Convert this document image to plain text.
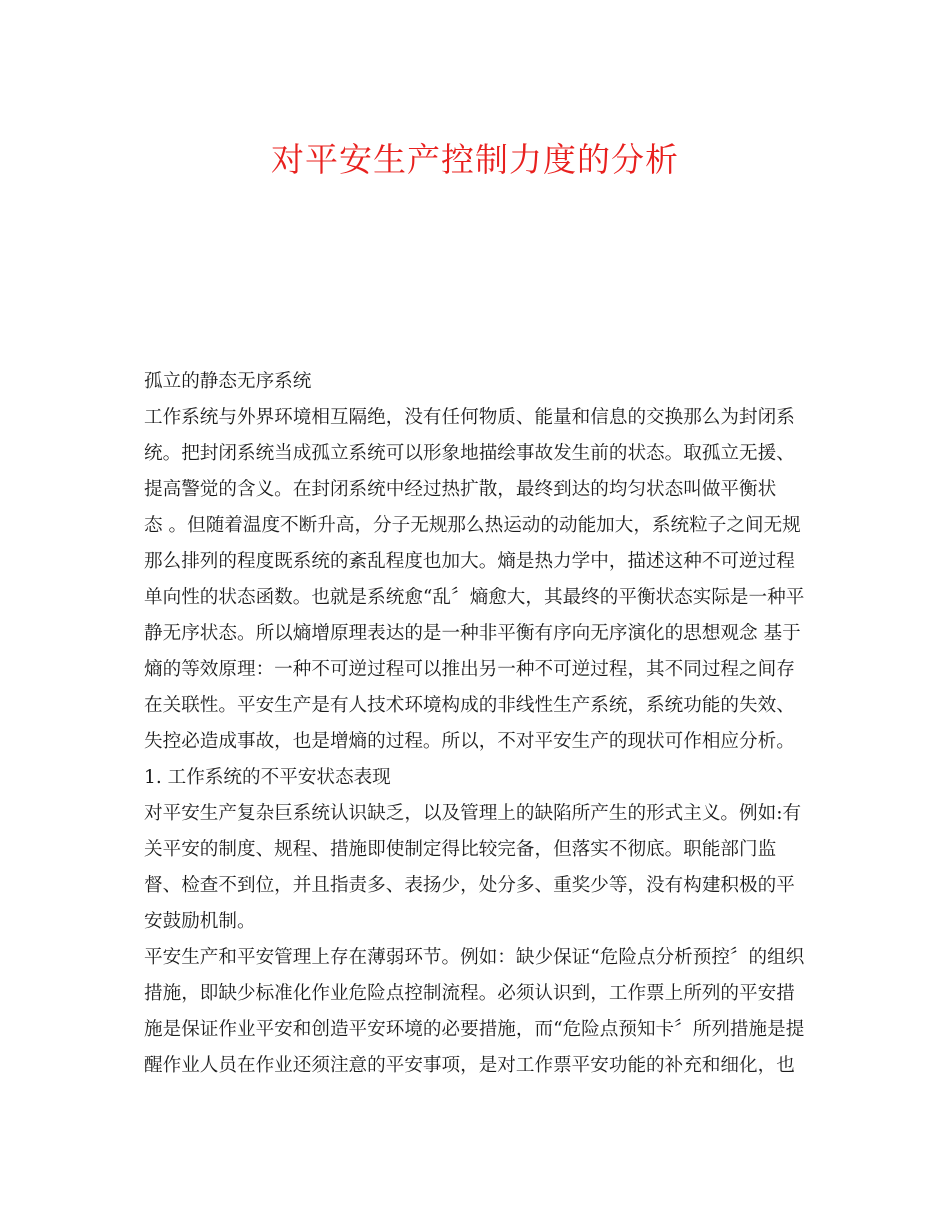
对平安生产控制力度的分析
孤立的静态无序系统
工作系统与外界环境相互隔绝，没有任何物质、能量和信息的交换那么为封闭系
统。把封闭系统当成孤立系统可以形象地描绘事故发生前的状态。取孤立无援、
提高警觉的含义。在封闭系统中经过热扩散，最终到达的均匀状态叫做平衡状
态 。但随着温度不断升高，分子无规那么热运动的动能加大，系统粒子之间无规
那么排列的程度既系统的紊乱程度也加大。熵是热力学中，描述这种不可逆过程
单向性的状态函数。也就是系统愈“乱〞熵愈大，其最终的平衡状态实际是一种平
静无序状态。所以熵增原理表达的是一种非平衡有序向无序演化的思想观念 基于
熵的等效原理：一种不可逆过程可以推出另一种不可逆过程，其不同过程之间存
在关联性。平安生产是有人技术环境构成的非线性生产系统，系统功能的失效、
失控必造成事故，也是增熵的过程。所以，不对平安生产的现状可作相应分析。
1. 工作系统的不平安状态表现
对平安生产复杂巨系统认识缺乏，以及管理上的缺陷所产生的形式主义。例如:有
关平安的制度、规程、措施即使制定得比较完备，但落实不彻底。职能部门监
督、检查不到位，并且指责多、表扬少，处分多、重奖少等，没有构建积极的平
安鼓励机制。
平安生产和平安管理上存在薄弱环节。例如：缺少保证“危险点分析预控〞的组织
措施，即缺少标准化作业危险点控制流程。必须认识到，工作票上所列的平安措
施是保证作业平安和创造平安环境的必要措施，而“危险点预知卡〞所列措施是提
醒作业人员在作业还须注意的平安事项，是对工作票平安功能的补充和细化，也
